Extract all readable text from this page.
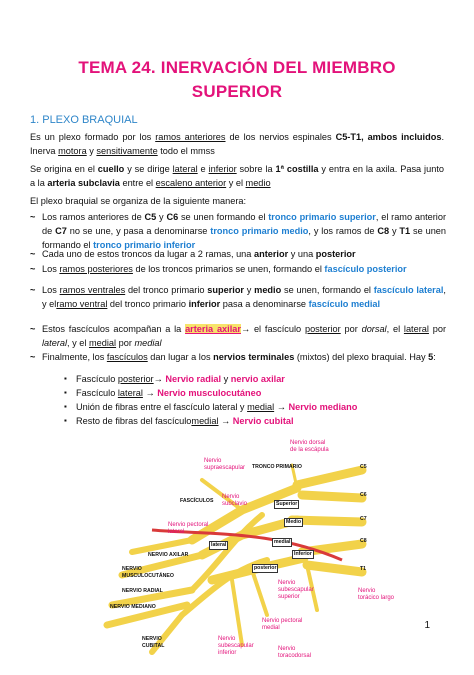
TEMA 24. INERVACIÓN DEL MIEMBRO
SUPERIOR
1. PLEXO BRAQUIAL
Es un plexo formado por los ramos anteriores de los nervios espinales C5-T1, ambos incluidos. Inerva motora y sensitivamente todo el mmss
Se origina en el cuello y se dirige lateral e inferior sobre la 1ª costilla y entra en la axila. Pasa junto a la arteria subclavia entre el escaleno anterior y el medio
El plexo braquial se organiza de la siguiente manera:
~ Los ramos anteriores de C5 y C6 se unen formando el tronco primario superior, el ramo anterior de C7 no se une, y pasa a denominarse tronco primario medio, y los ramos de C8 y T1 se unen formando el tronco primario inferior
~ Cada uno de estos troncos da lugar a 2 ramas, una anterior y una posterior
~ Los ramos posteriores de los troncos primarios se unen, formando el fascículo posterior
~ Los ramos ventrales del tronco primario superior y medio se unen, formando el fascículo lateral, y elramo ventral del tronco primario inferior pasa a denominarse fascículo medial
~ Estos fascículos acompañan a la arteria axilar→ el fascículo posterior por dorsal, el lateral por lateral, y el medial por medial
~ Finalmente, los fascículos dan lugar a los nervios terminales (mixtos) del plexo braquial. Hay 5:
▪ Fascículo posterior→ Nervio radial y nervio axilar
▪ Fascículo lateral → Nervio musculocutáneo
▪ Unión de fibras entre el fascículo lateral y medial → Nervio mediano
▪ Resto de fibras del fascículomedial → Nervio cubital
Nervio
supraescapular TRONCO PRIMARIO
Nervio dorsal
de la escápula
C5
C6
C7
C8
T1
FASCÍCULOS
Nervio
subclavio	Superior
Medio
Inferior
lateral	medial
posterior
Nervio pectoral
lateral
NERVIO AXILAR
NERVIO
MUSCULOCUTÁNEO
NERVIO RADIAL
NERVIO MEDIANO
NERVIO
CUBITAL
Nervio
subescapular
superior
Nervio
torácico largo
Nervio pectoral
medial
Nervio
subescapular
inferior
Nervio
toracodorsal
1
